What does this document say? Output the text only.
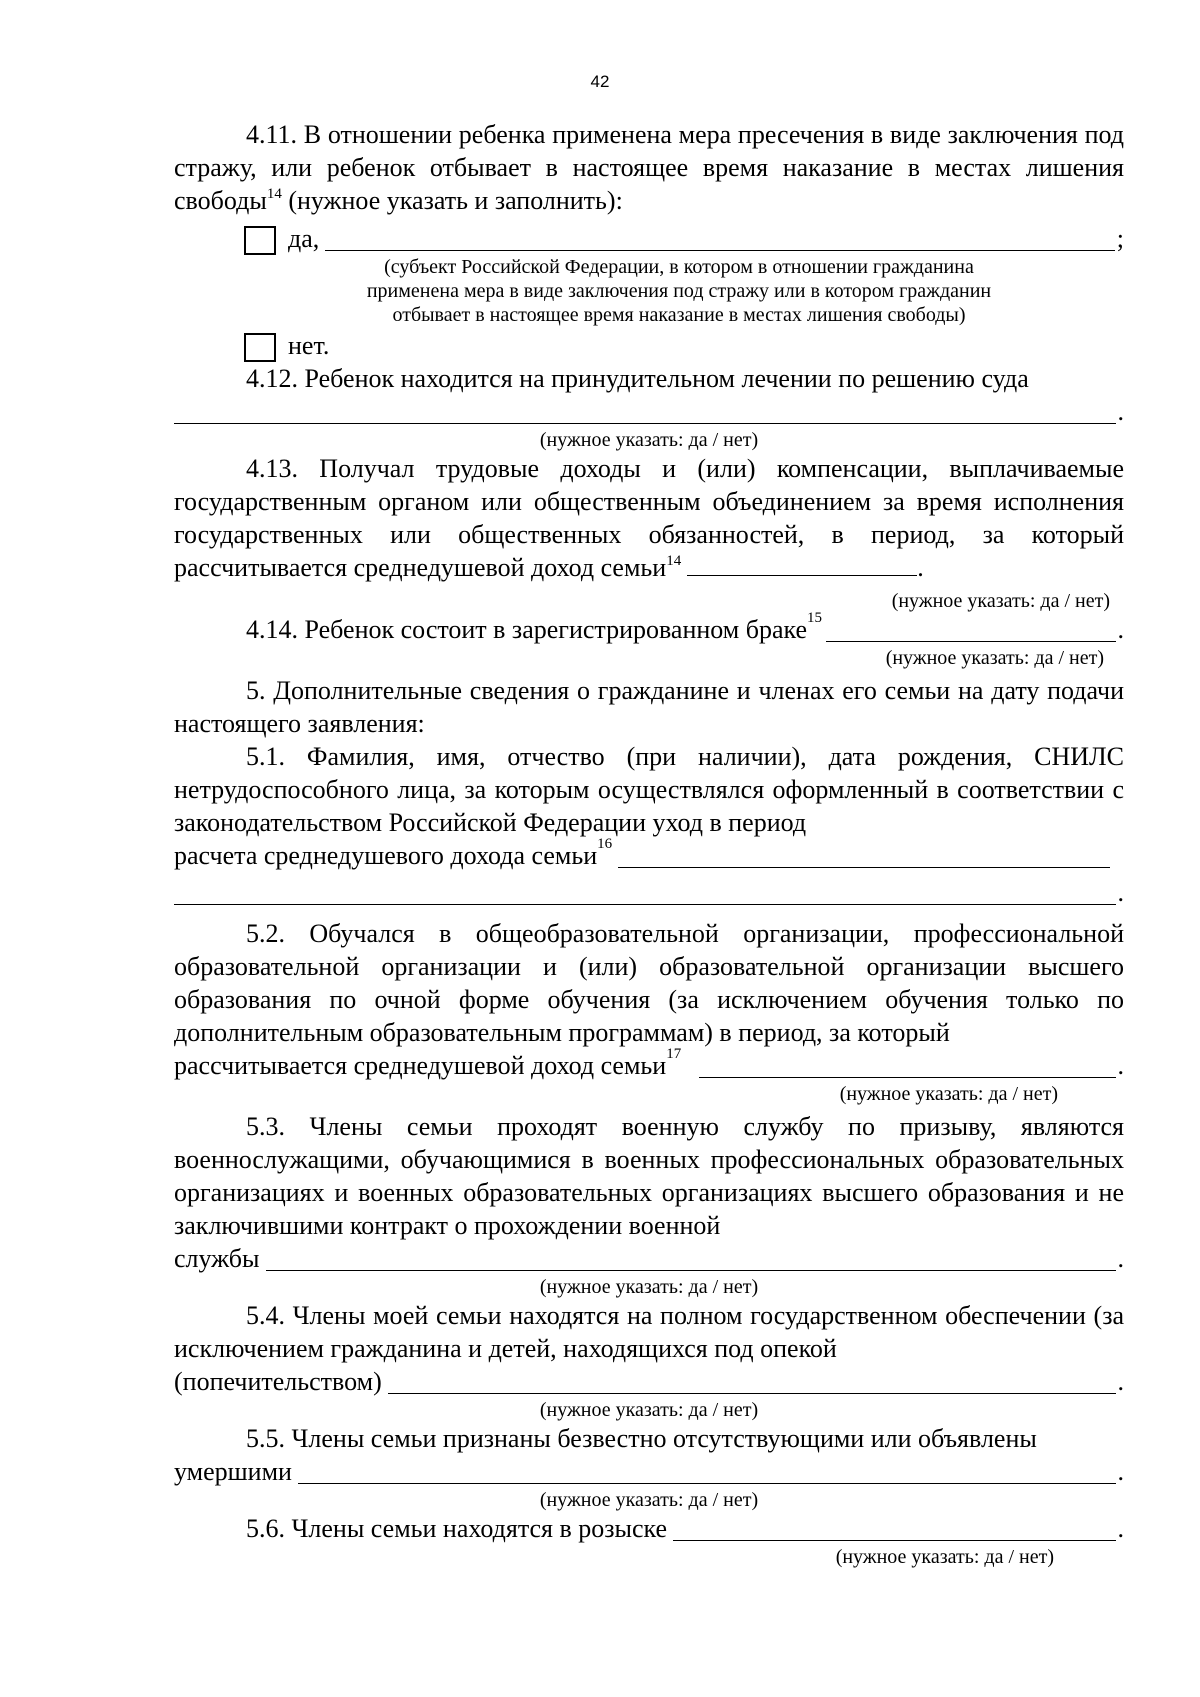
42

4.11. В отношении ребенка применена мера пресечения в виде заключения под стражу, или ребенок отбывает в настоящее время наказание в местах лишения свободы$^{14}$ (нужное указать и заполнить):

да,	;
(субъект Российской Федерации, в котором в отношении гражданина
применена мера в виде заключения под стражу или в котором гражданин
отбывает в настоящее время наказание в местах лишения свободы)
нет.

4.12. Ребенок находится на принудительном лечении по решению суда

.
(нужное указать: да / нет)

4.13. Получал трудовые доходы и (или) компенсации, выплачиваемые государственным органом или общественным объединением за время исполнения государственных или общественных обязанностей, в период, за который рассчитывается среднедушевой доход семьи$^{14}$	.

(нужное указать: да / нет)
4.14. Ребенок состоит в зарегистрированном браке 15	.
(нужное указать: да / нет)

5. Дополнительные сведения о гражданине и членах его семьи на дату подачи настоящего заявления:

5.1. Фамилия, имя, отчество (при наличии), дата рождения, СНИЛС нетрудоспособного лица, за которым осуществлялся оформленный в соответствии с законодательством Российской Федерации уход в период

расчета среднедушевого дохода семьи 16
.

5.2. Обучался в общеобразовательной организации, профессиональной образовательной организации и (или) образовательной организации высшего образования по очной форме обучения (за исключением обучения только по дополнительным образовательным программам) в период, за который

рассчитывается среднедушевой доход семьи 17	.
(нужное указать: да / нет)

5.3. Члены семьи проходят военную службу по призыву, являются военнослужащими, обучающимися в военных профессиональных образовательных организациях и военных образовательных организациях высшего образования и не заключившими контракт о прохождении военной

службы	.
(нужное указать: да / нет)

5.4. Члены моей семьи находятся на полном государственном обеспечении (за исключением гражданина и детей, находящихся под опекой

(попечительством)	.
(нужное указать: да / нет)

5.5. Члены семьи признаны безвестно отсутствующими или объявлены

умершими	.
(нужное указать: да / нет)
5.6. Члены семьи находятся в розыске	.
(нужное указать: да / нет)
